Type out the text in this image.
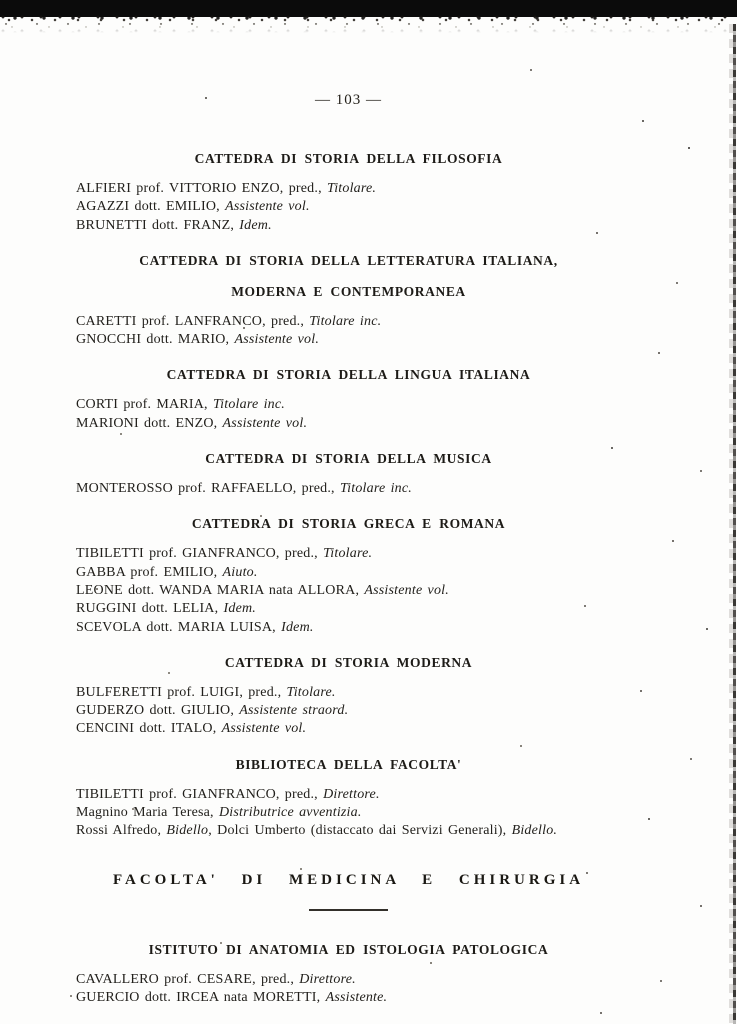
— 103 —
CATTEDRA DI STORIA DELLA FILOSOFIA
ALFIERI prof. VITTORIO ENZO, pred., Titolare.
AGAZZI dott. EMILIO, Assistente vol.
BRUNETTI dott. FRANZ, Idem.
CATTEDRA DI STORIA DELLA LETTERATURA ITALIANA,
MODERNA E CONTEMPORANEA
CARETTI prof. LANFRANCO, pred., Titolare inc.
GNOCCHI dott. MARIO, Assistente vol.
CATTEDRA DI STORIA DELLA LINGUA ITALIANA
CORTI prof. MARIA, Titolare inc.
MARIONI dott. ENZO, Assistente vol.
CATTEDRA DI STORIA DELLA MUSICA
MONTEROSSO prof. RAFFAELLO, pred., Titolare inc.
CATTEDRA DI STORIA GRECA E ROMANA
TIBILETTI prof. GIANFRANCO, pred., Titolare.
GABBA prof. EMILIO, Aiuto.
LEONE dott. WANDA MARIA nata ALLORA, Assistente vol.
RUGGINI dott. LELIA, Idem.
SCEVOLA dott. MARIA LUISA, Idem.
CATTEDRA DI STORIA MODERNA
BULFERETTI prof. LUIGI, pred., Titolare.
GUDERZO dott. GIULIO, Assistente straord.
CENCINI dott. ITALO, Assistente vol.
BIBLIOTECA DELLA FACOLTA'
TIBILETTI prof. GIANFRANCO, pred., Direttore.
Magnino Maria Teresa, Distributrice avventizia.
Rossi Alfredo, Bidello, Dolci Umberto (distaccato dai Servizi Generali), Bidello.
FACOLTA' DI MEDICINA E CHIRURGIA
ISTITUTO DI ANATOMIA ED ISTOLOGIA PATOLOGICA
CAVALLERO prof. CESARE, pred., Direttore.
GUERCIO dott. IRCEA nata MORETTI, Assistente.
